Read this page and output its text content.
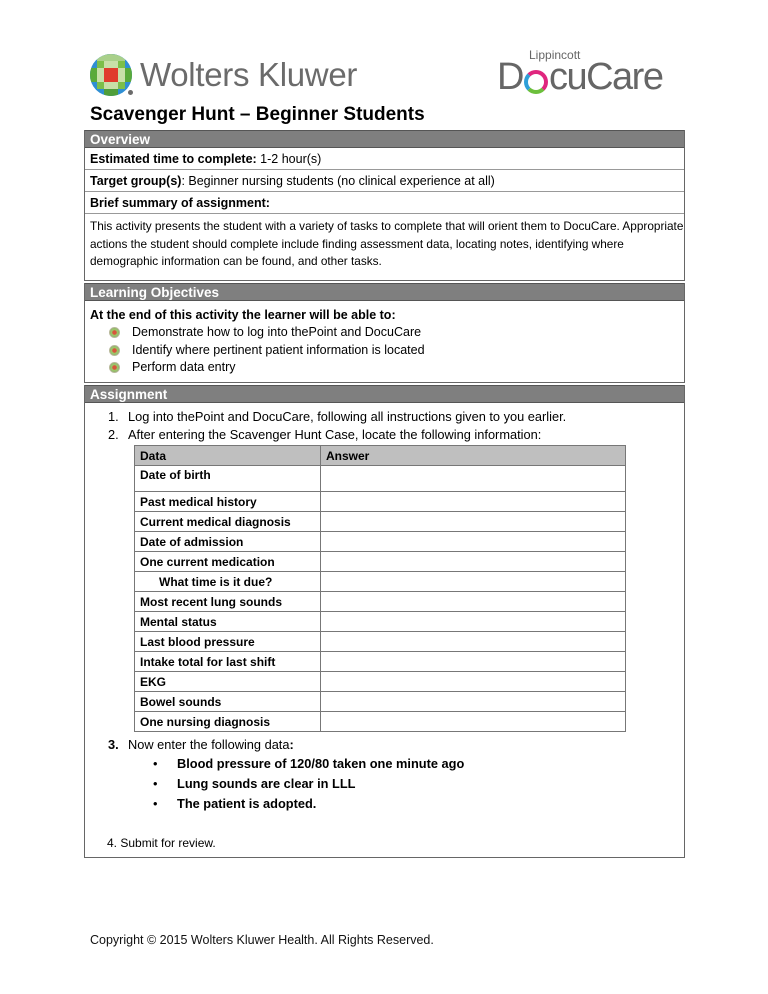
Wolters Kluwer
Lippincott
D cuCare
Scavenger Hunt – Beginner Students
Overview
Estimated time to complete: 1-2 hour(s)
Target group(s): Beginner nursing students (no clinical experience at all)
Brief summary of assignment:
This activity presents the student with a variety of tasks to complete that will orient them to DocuCare. Appropriate actions the student should complete include finding assessment data, locating notes, identifying where demographic information can be found, and other tasks.
Learning Objectives
At the end of this activity the learner will be able to:
Demonstrate how to log into thePoint and DocuCare
Identify where pertinent patient information is located
Perform data entry
Assignment
1. Log into thePoint and DocuCare, following all instructions given to you earlier.
2. After entering the Scavenger Hunt Case, locate the following information:
Data	Answer
Date of birth	
Past medical history	
Current medical diagnosis	
Date of admission	
One current medication	
What time is it due?	
Most recent lung sounds	
Mental status	
Last blood pressure	
Intake total for last shift	
EKG	
Bowel sounds	
One nursing diagnosis	
3. Now enter the following data :
•	Blood pressure of 120/80 taken one minute ago
•	Lung sounds are clear in LLL
•	The patient is adopted.
4. Submit for review.
Copyright © 2015 Wolters Kluwer Health. All Rights Reserved.
